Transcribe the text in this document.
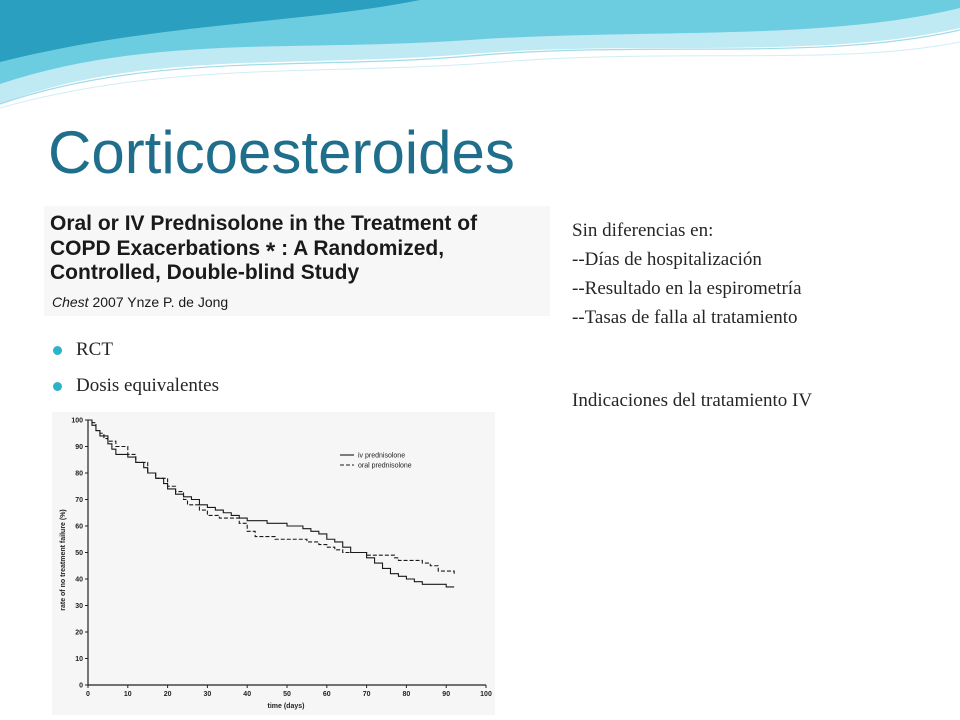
Corticoesteroides
Oral or IV Prednisolone in the Treatment of
COPD Exacerbations * : A Randomized,
Controlled, Double-blind Study
Chest 2007 Ynze P. de Jong
RCT
Dosis equivalentes
Sin diferencias en:
--Días de hospitalización
--Resultado en la espirometría
--Tasas de falla al tratamiento
Indicaciones del tratamiento IV
0	10	20	30	40	50	60	70	80	90	100
0
10
20
30
40
50
60
70
80
90
100
iv prednisolone
oral prednisolone
time (days)
rate of no treatment failure (%)
